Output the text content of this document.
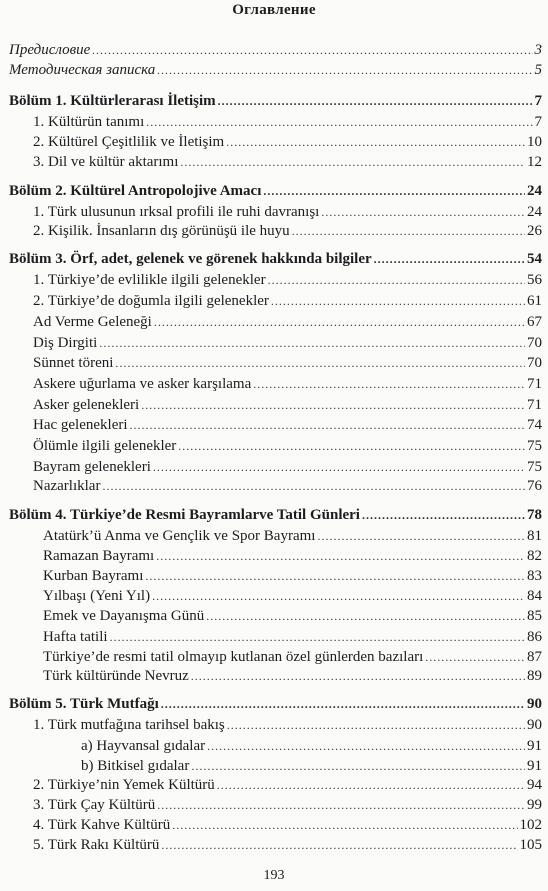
Оглавление
Предисловие .....	3
Методическая записка .....	5
Bölüm 1. Kültürlerarası İletişim .....	7
1. Kültürün tanımı .....	7
2. Kültürel Çeşitlilik ve İletişim .....	10
3. Dil ve kültür aktarımı .....	12
Bölüm 2. Kültürel Antropolojive Amacı .....	24
1. Türk ulusunun ırksal profili ile ruhi davranışı .....	24
2. Kişilik. İnsanların dış görünüşü ile huyu .....	26
Bölüm 3. Örf, adet, gelenek ve görenek hakkında bilgiler .....	54
1. Türkiye’de evlilikle ilgili gelenekler .....	56
2. Türkiye’de doğumla ilgili gelenekler .....	61
Ad Verme Geleneği .....	67
Diş Dirgiti .....	70
Sünnet töreni .....	70
Askere uğurlama ve asker karşılama .....	71
Asker gelenekleri .....	71
Hac gelenekleri .....	74
Ölümle ilgili gelenekler .....	75
Bayram gelenekleri .....	75
Nazarlıklar .....	76
Bölüm 4. Türkiye’de Resmi Bayramlarve Tatil Günleri .....	78
Atatürk’ü Anma ve Gençlik ve Spor Bayramı .....	81
Ramazan Bayramı .....	82
Kurban Bayramı .....	83
Yılbaşı (Yeni Yıl) .....	84
Emek ve Dayanışma Günü .....	85
Hafta tatili .....	86
Türkiye’de resmi tatil olmayıp kutlanan özel günlerden bazıları .....	87
Türk kültüründe Nevruz .....	89
Bölüm 5. Türk Mutfağı .....	90
1. Türk mutfağına tarihsel bakış .....	90
a) Hayvansal gıdalar .....	91
b) Bitkisel gıdalar .....	91
2. Türkiye’nin Yemek Kültürü .....	94
3. Türk Çay Kültürü .....	99
4. Türk Kahve Kültürü .....	102
5. Türk Rakı Kültürü .....	105
193
